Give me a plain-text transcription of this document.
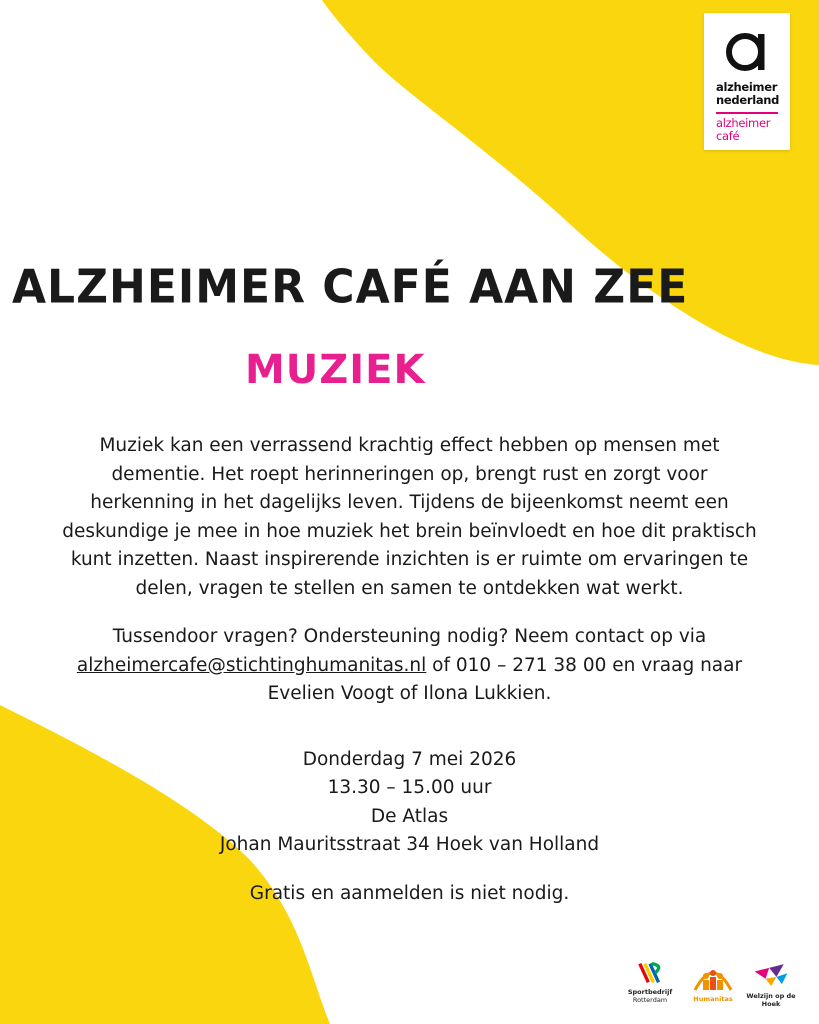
alzheimer
nederland
alzheimer
café
ALZHEIMER CAFÉ AAN ZEE
MUZIEK
Muziek kan een verrassend krachtig effect hebben op mensen met
dementie. Het roept herinneringen op, brengt rust en zorgt voor
herkenning in het dagelijks leven. Tijdens de bijeenkomst neemt een
deskundige je mee in hoe muziek het brein beïnvloedt en hoe dit praktisch
kunt inzetten. Naast inspirerende inzichten is er ruimte om ervaringen te
delen, vragen te stellen en samen te ontdekken wat werkt.
Tussendoor vragen? Ondersteuning nodig? Neem contact op via
alzheimercafe@stichtinghumanitas.nl of 010 – 271 38 00 en vraag naar
Evelien Voogt of Ilona Lukkien.
Donderdag 7 mei 2026
13.30 – 15.00 uur
De Atlas
Johan Mauritsstraat 34 Hoek van Holland
Gratis en aanmelden is niet nodig.
Sportbedrijf
Rotterdam	Humanitas	Welzijn op de Hoek
